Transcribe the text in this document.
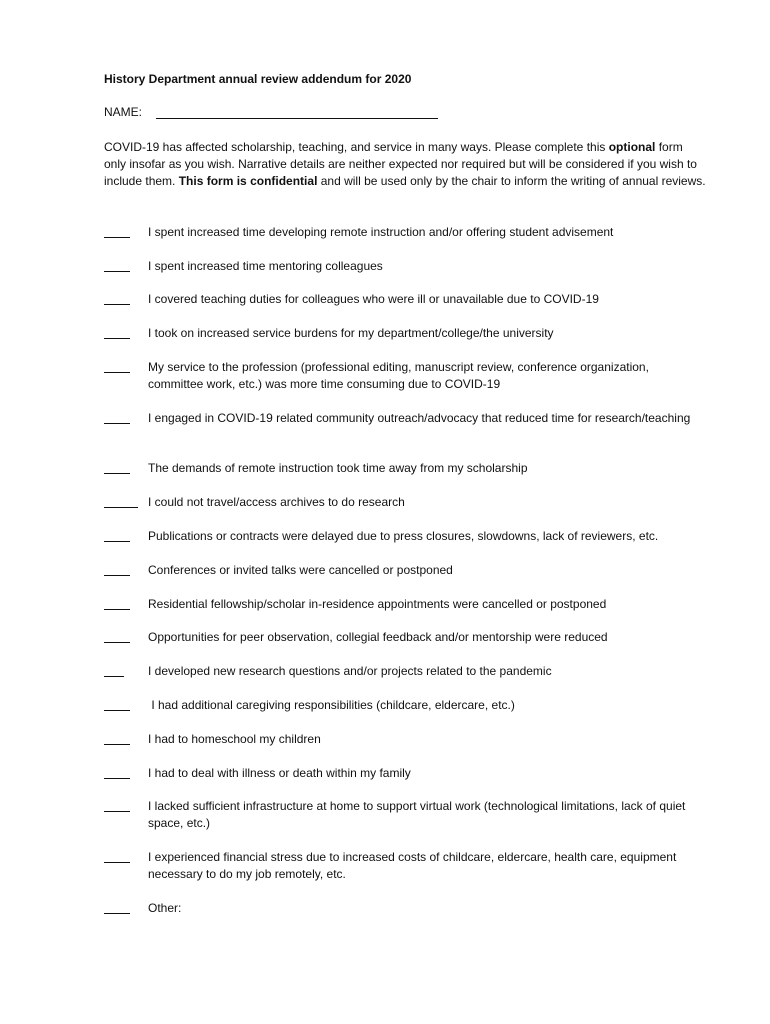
History Department annual review addendum for 2020
NAME:
COVID-19 has affected scholarship, teaching, and service in many ways. Please complete this optional form only insofar as you wish. Narrative details are neither expected nor required but will be considered if you wish to include them. This form is confidential and will be used only by the chair to inform the writing of annual reviews.
I spent increased time developing remote instruction and/or offering student advisement
I spent increased time mentoring colleagues
I covered teaching duties for colleagues who were ill or unavailable due to COVID-19
I took on increased service burdens for my department/college/the university
My service to the profession (professional editing, manuscript review, conference organization, committee work, etc.) was more time consuming due to COVID-19
I engaged in COVID-19 related community outreach/advocacy that reduced time for research/teaching
The demands of remote instruction took time away from my scholarship
I could not travel/access archives to do research
Publications or contracts were delayed due to press closures, slowdowns, lack of reviewers, etc.
Conferences or invited talks were cancelled or postponed
Residential fellowship/scholar in-residence appointments were cancelled or postponed
Opportunities for peer observation, collegial feedback and/or mentorship were reduced
I developed new research questions and/or projects related to the pandemic
I had additional caregiving responsibilities (childcare, eldercare, etc.)
I had to homeschool my children
I had to deal with illness or death within my family
I lacked sufficient infrastructure at home to support virtual work (technological limitations, lack of quiet space, etc.)
I experienced financial stress due to increased costs of childcare, eldercare, health care, equipment necessary to do my job remotely, etc.
Other:
